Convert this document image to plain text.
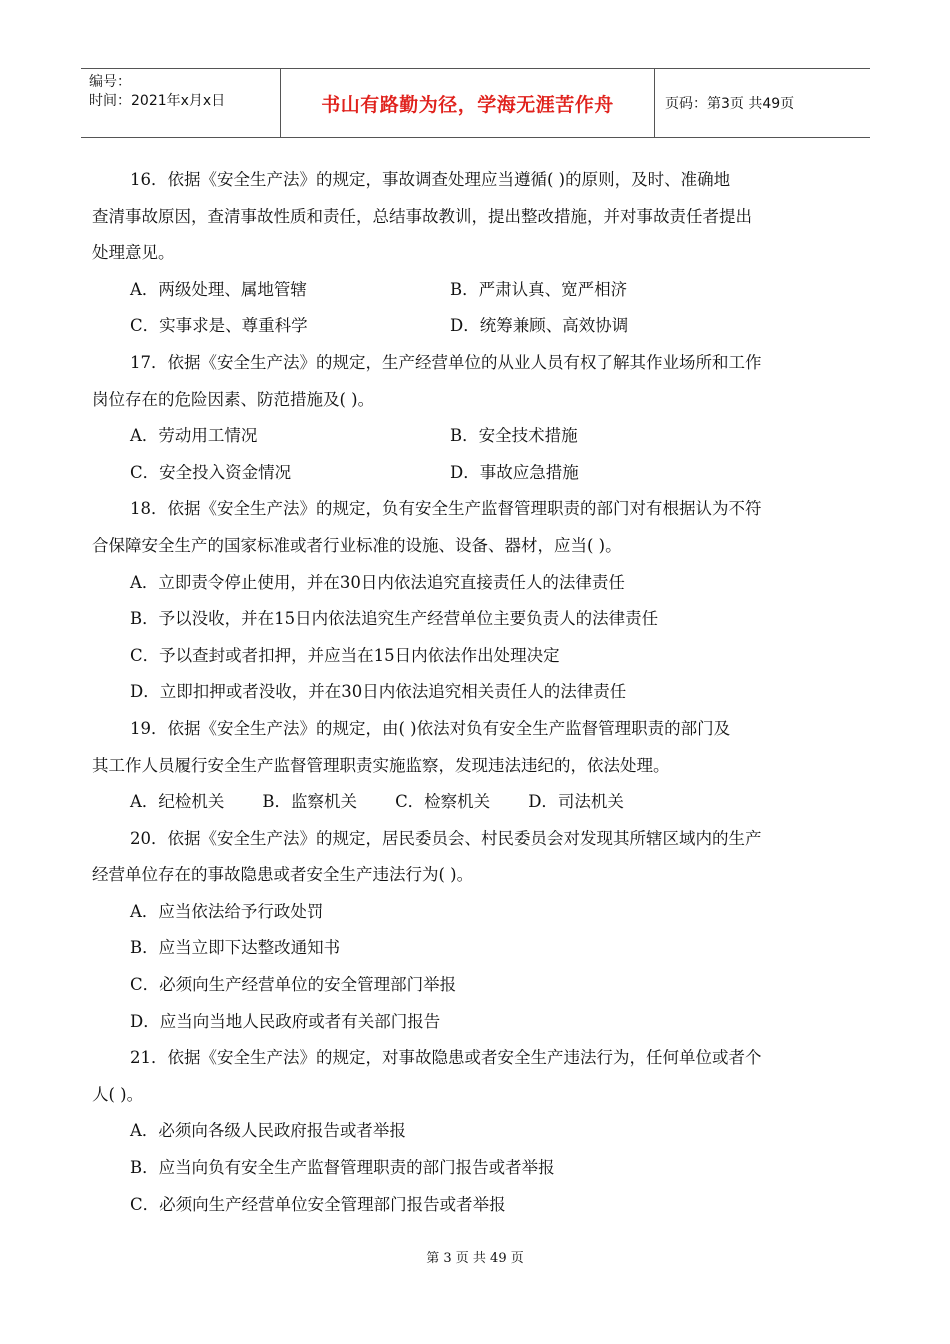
编号：
时间：2021年x月x日	书山有路勤为径，学海无涯苦作舟	页码：第3页 共49页
16．依据《安全生产法》的规定，事故调查处理应当遵循( )的原则，及时、准确地
查清事故原因，查清事故性质和责任，总结事故教训，提出整改措施，并对事故责任者提出
处理意见。
A．两级处理、属地管辖	B．严肃认真、宽严相济
C．实事求是、尊重科学	D．统筹兼顾、高效协调
17．依据《安全生产法》的规定，生产经营单位的从业人员有权了解其作业场所和工作
岗位存在的危险因素、防范措施及( )。
A．劳动用工情况	B．安全技术措施
C．安全投入资金情况	D．事故应急措施
18．依据《安全生产法》的规定，负有安全生产监督管理职责的部门对有根据认为不符
合保障安全生产的国家标准或者行业标准的设施、设备、器材，应当( )。
A．立即责令停止使用，并在30日内依法追究直接责任人的法律责任
B．予以没收，并在15日内依法追究生产经营单位主要负责人的法律责任
C．予以查封或者扣押，并应当在15日内依法作出处理决定
D．立即扣押或者没收，并在30日内依法追究相关责任人的法律责任
19．依据《安全生产法》的规定，由( )依法对负有安全生产监督管理职责的部门及
其工作人员履行安全生产监督管理职责实施监察，发现违法违纪的，依法处理。
A．纪检机关 B．监察机关 C．检察机关 D．司法机关
20．依据《安全生产法》的规定，居民委员会、村民委员会对发现其所辖区域内的生产
经营单位存在的事故隐患或者安全生产违法行为( )。
A．应当依法给予行政处罚
B．应当立即下达整改通知书
C．必须向生产经营单位的安全管理部门举报
D．应当向当地人民政府或者有关部门报告
21．依据《安全生产法》的规定，对事故隐患或者安全生产违法行为，任何单位或者个
人( )。
A．必须向各级人民政府报告或者举报
B．应当向负有安全生产监督管理职责的部门报告或者举报
C．必须向生产经营单位安全管理部门报告或者举报
第 3 页 共 49 页
